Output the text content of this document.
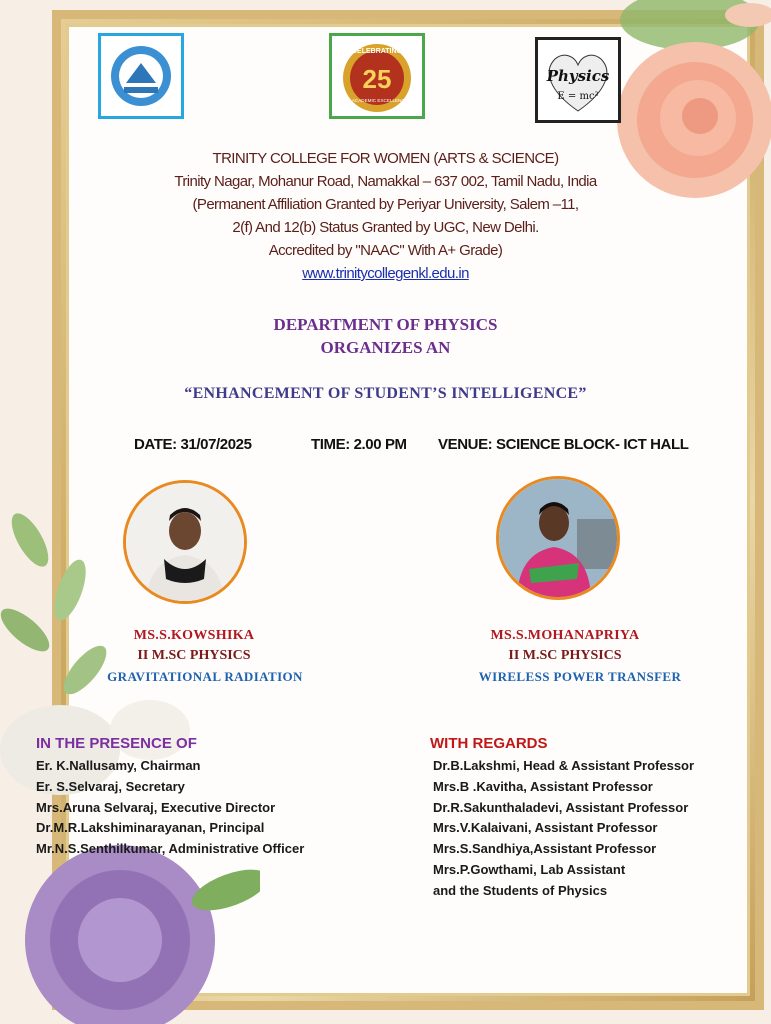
CELEBRATING
25
IN ACADEMIC EXCELLENCE
Physics
E = mc²
TRINITY COLLEGE FOR WOMEN (ARTS & SCIENCE)
Trinity Nagar, Mohanur Road, Namakkal – 637 002, Tamil Nadu, India
(Permanent Affiliation Granted by Periyar University, Salem –11,
2(f) And 12(b) Status Granted by UGC, New Delhi.
Accredited by "NAAC" With A+ Grade)
www.trinitycollegenkl.edu.in
DEPARTMENT OF PHYSICS
ORGANIZES AN
“ENHANCEMENT OF STUDENT’S INTELLIGENCE”
DATE: 31/07/2025	TIME: 2.00 PM VENUE: SCIENCE BLOCK- ICT HALL
MS.S.KOWSHIKA
II M.SC PHYSICS
GRAVITATIONAL RADIATION
MS.S.MOHANAPRIYA
II M.SC PHYSICS
WIRELESS POWER TRANSFER
IN THE PRESENCE OF
Er. K.Nallusamy, Chairman
Er. S.Selvaraj, Secretary
Mrs.Aruna Selvaraj, Executive Director
Dr.M.R.Lakshiminarayanan, Principal
Mr.N.S.Senthilkumar, Administrative Officer
WITH REGARDS
Dr.B.Lakshmi, Head & Assistant Professor
Mrs.B .Kavitha, Assistant Professor
Dr.R.Sakunthaladevi, Assistant Professor
Mrs.V.Kalaivani, Assistant Professor
Mrs.S.Sandhiya,Assistant Professor
Mrs.P.Gowthami, Lab Assistant
and the Students of Physics
